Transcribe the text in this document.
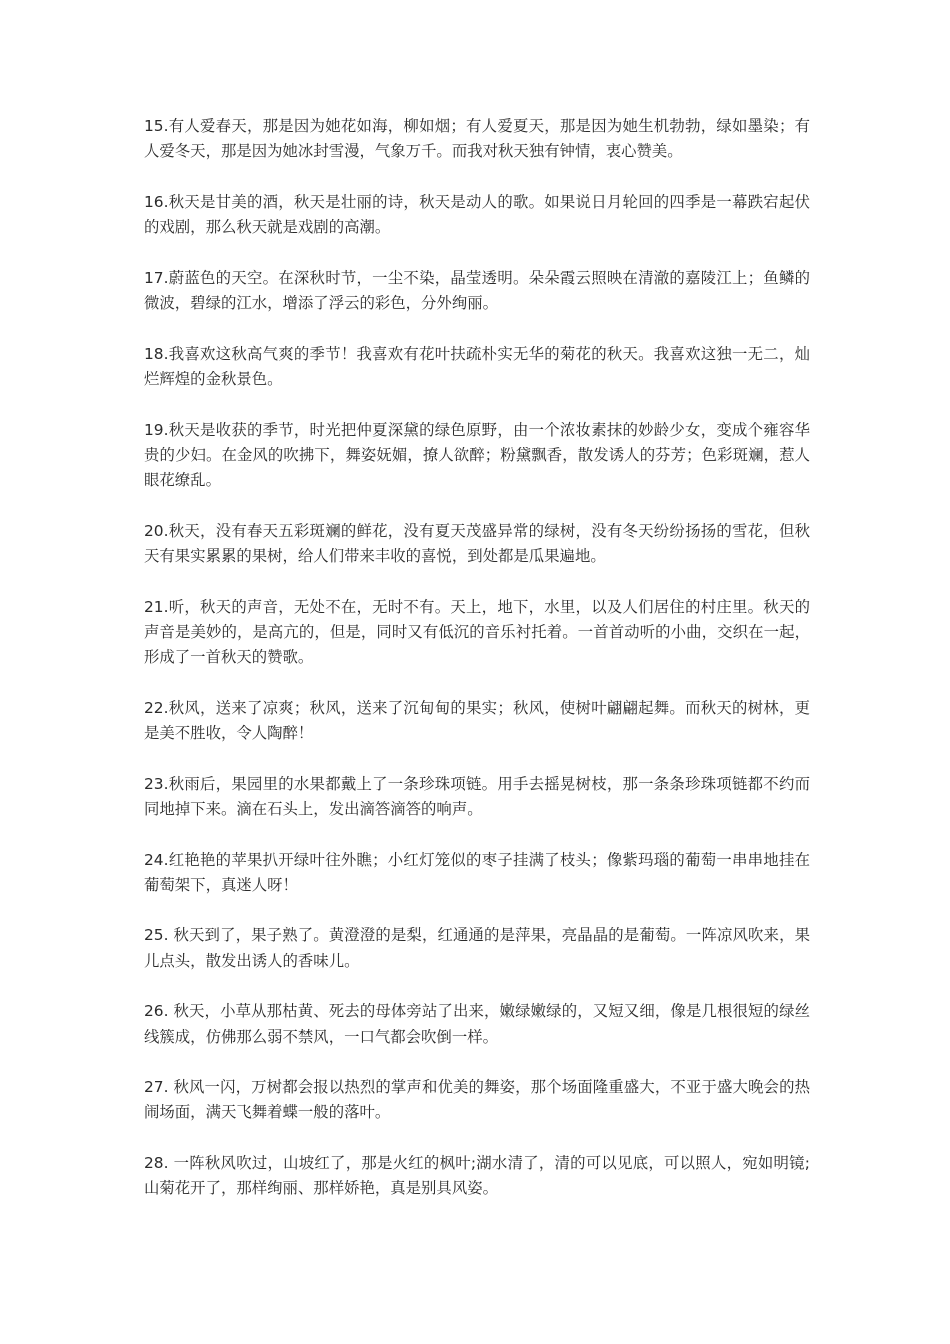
15.有人爱春天，那是因为她花如海，柳如烟；有人爱夏天，那是因为她生机勃勃，绿如墨染；有人爱冬天，那是因为她冰封雪漫，气象万千。而我对秋天独有钟情，衷心赞美。

16.秋天是甘美的酒，秋天是壮丽的诗，秋天是动人的歌。如果说日月轮回的四季是一幕跌宕起伏的戏剧，那么秋天就是戏剧的高潮。

17.蔚蓝色的天空。在深秋时节，一尘不染，晶莹透明。朵朵霞云照映在清澈的嘉陵江上；鱼鳞的微波，碧绿的江水，增添了浮云的彩色，分外绚丽。

18.我喜欢这秋高气爽的季节！我喜欢有花叶扶疏朴实无华的菊花的秋天。我喜欢这独一无二，灿烂辉煌的金秋景色。

19.秋天是收获的季节，时光把仲夏深黛的绿色原野，由一个浓妆素抹的妙龄少女，变成个雍容华贵的少妇。在金风的吹拂下，舞姿妩媚，撩人欲醉；粉黛飘香，散发诱人的芬芳；色彩斑斓，惹人眼花缭乱。

20.秋天，没有春天五彩斑斓的鲜花，没有夏天茂盛异常的绿树，没有冬天纷纷扬扬的雪花，但秋天有果实累累的果树，给人们带来丰收的喜悦，到处都是瓜果遍地。

21.听，秋天的声音，无处不在，无时不有。天上，地下，水里，以及人们居住的村庄里。秋天的声音是美妙的，是高亢的，但是，同时又有低沉的音乐衬托着。一首首动听的小曲，交织在一起，形成了一首秋天的赞歌。

22.秋风，送来了凉爽；秋风，送来了沉甸甸的果实；秋风，使树叶翩翩起舞。而秋天的树林，更是美不胜收，令人陶醉！

23.秋雨后，果园里的水果都戴上了一条珍珠项链。用手去摇晃树枝，那一条条珍珠项链都不约而同地掉下来。滴在石头上，发出滴答滴答的响声。

24.红艳艳的苹果扒开绿叶往外瞧；小红灯笼似的枣子挂满了枝头；像紫玛瑙的葡萄一串串地挂在葡萄架下，真迷人呀！

25. 秋天到了，果子熟了。黄澄澄的是梨，红通通的是萍果，亮晶晶的是葡萄。一阵凉风吹来，果儿点头，散发出诱人的香味儿。

26. 秋天，小草从那枯黄、死去的母体旁站了出来，嫩绿嫩绿的，又短又细，像是几根很短的绿丝线簇成，仿佛那么弱不禁风，一口气都会吹倒一样。

27. 秋风一闪，万树都会报以热烈的掌声和优美的舞姿，那个场面隆重盛大，不亚于盛大晚会的热闹场面，满天飞舞着蝶一般的落叶。

28. 一阵秋风吹过，山坡红了，那是火红的枫叶;湖水清了，清的可以见底，可以照人，宛如明镜;山菊花开了，那样绚丽、那样娇艳，真是别具风姿。
